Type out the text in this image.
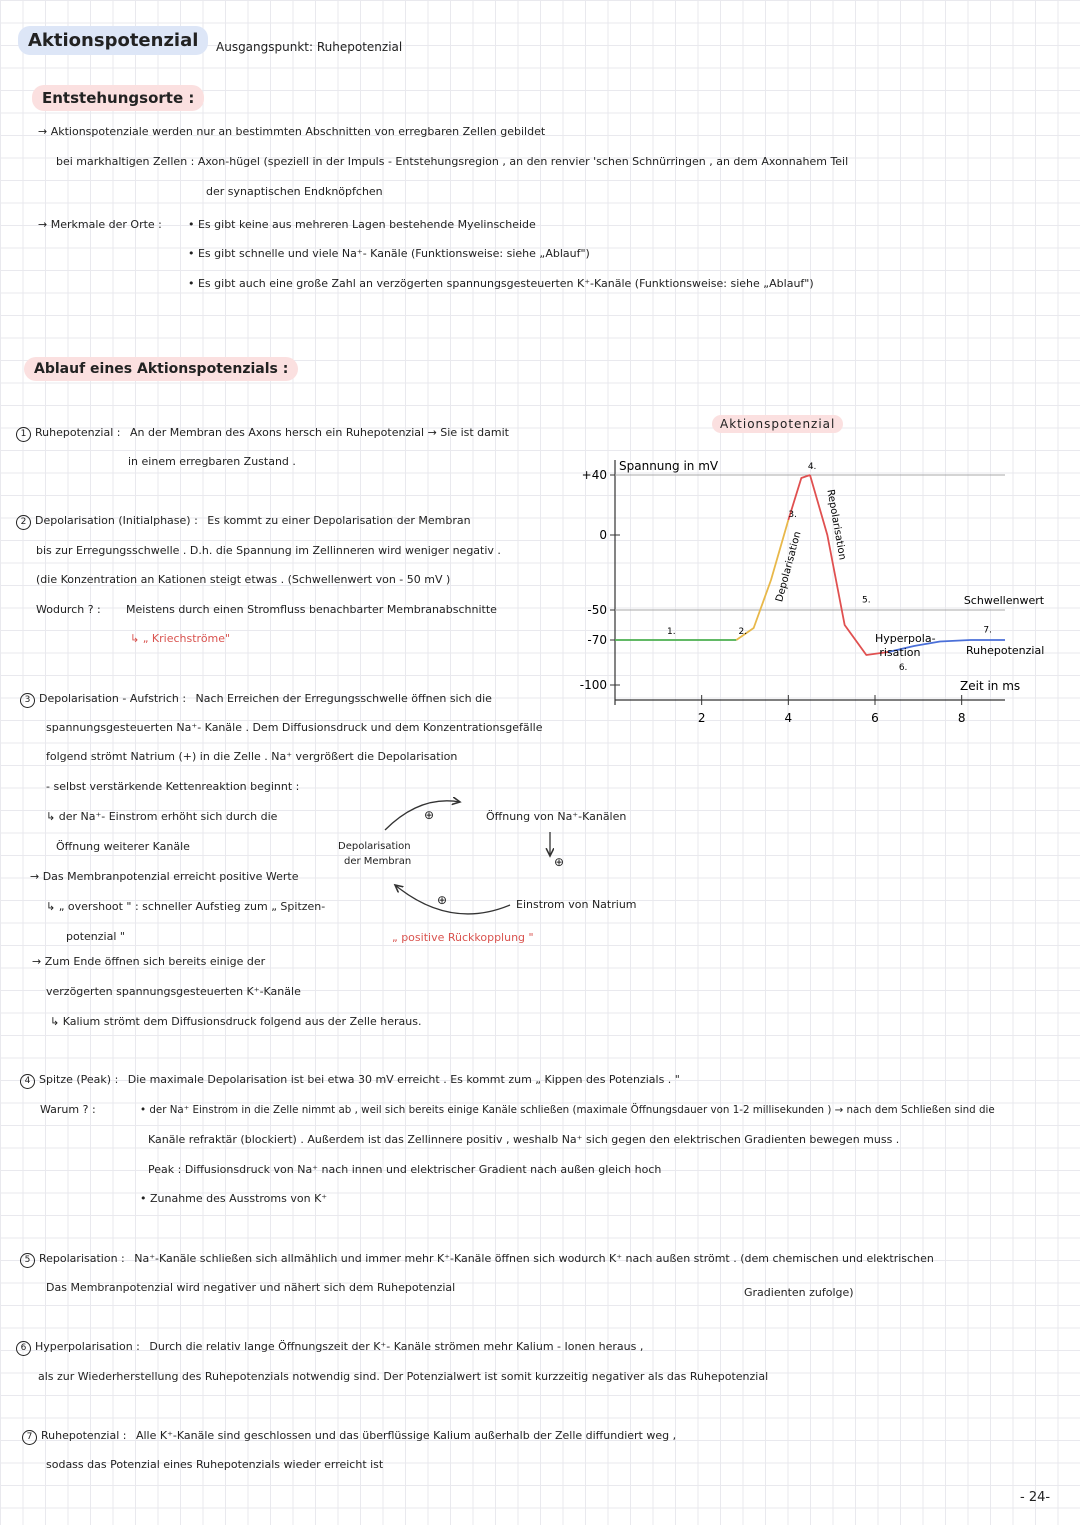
Aktionspotenzial	Ausgangspunkt: Ruhepotenzial
Entstehungsorte :
→ Aktionspotenziale werden nur an bestimmten Abschnitten von erregbaren Zellen gebildet
bei markhaltigen Zellen : Axon-hügel (speziell in der Impuls - Entstehungsregion , an den renvier 'schen Schnürringen , an dem Axonnahem Teil
der synaptischen Endknöpfchen
→ Merkmale der Orte : • Es gibt keine aus mehreren Lagen bestehende Myelinscheide
• Es gibt schnelle und viele Na⁺- Kanäle (Funktionsweise: siehe „Ablauf")
• Es gibt auch eine große Zahl an verzögerten spannungsgesteuerten K⁺-Kanäle (Funktionsweise: siehe „Ablauf")
Ablauf eines Aktionspotenzials :
1 Ruhepotenzial : An der Membran des Axons hersch ein Ruhepotenzial → Sie ist damit
in einem erregbaren Zustand .
2 Depolarisation (Initialphase) : Es kommt zu einer Depolarisation der Membran
bis zur Erregungsschwelle . D.h. die Spannung im Zellinneren wird weniger negativ .
(die Konzentration an Kationen steigt etwas . (Schwellenwert von - 50 mV )
Wodurch ? : Meistens durch einen Stromfluss benachbarter Membranabschnitte
↳ „ Kriechströme"
3 Depolarisation - Aufstrich : Nach Erreichen der Erregungsschwelle öffnen sich die
spannungsgesteuerten Na⁺- Kanäle . Dem Diffusionsdruck und dem Konzentrationsgefälle
folgend strömt Natrium (+) in die Zelle . Na⁺ vergrößert die Depolarisation
- selbst verstärkende Kettenreaktion beginnt :
↳ der Na⁺- Einstrom erhöht sich durch die
Öffnung weiterer Kanäle
→ Das Membranpotenzial erreicht positive Werte
↳ „ overshoot " : schneller Aufstieg zum „ Spitzen-
potenzial "
→ Zum Ende öffnen sich bereits einige der
verzögerten spannungsgesteuerten K⁺-Kanäle
↳ Kalium strömt dem Diffusionsdruck folgend aus der Zelle heraus.
⊕
⊕
⊕
Öffnung von Na⁺-Kanälen
Einstrom von Natrium
Depolarisation
der Membran
„ positive Rückkopplung "
Aktionspotenzial
Spannung in mV
Zeit in ms
+40
0
-50
-70
-100
2	4	6	8
1.	2.
3.
4.
5.
6.
7.
Depolarisation
Repolarisation
Hyperpola-
risation
Schwellenwert
Ruhepotenzial
4 Spitze (Peak) : Die maximale Depolarisation ist bei etwa 30 mV erreicht . Es kommt zum „ Kippen des Potenzials . "
Warum ? :	• der Na⁺ Einstrom in die Zelle nimmt ab , weil sich bereits einige Kanäle schließen (maximale Öffnungsdauer von 1-2 millisekunden ) → nach dem Schließen sind die
Kanäle refraktär (blockiert) . Außerdem ist das Zellinnere positiv , weshalb Na⁺ sich gegen den elektrischen Gradienten bewegen muss .
Peak : Diffusionsdruck von Na⁺ nach innen und elektrischer Gradient nach außen gleich hoch
• Zunahme des Ausstroms von K⁺
5 Repolarisation : Na⁺-Kanäle schließen sich allmählich und immer mehr K⁺-Kanäle öffnen sich wodurch K⁺ nach außen strömt . (dem chemischen und elektrischen
Das Membranpotenzial wird negativer und nähert sich dem Ruhepotenzial	Gradienten zufolge)
6 Hyperpolarisation : Durch die relativ lange Öffnungszeit der K⁺- Kanäle strömen mehr Kalium - Ionen heraus ,
als zur Wiederherstellung des Ruhepotenzials notwendig sind. Der Potenzialwert ist somit kurzzeitig negativer als das Ruhepotenzial
7 Ruhepotenzial : Alle K⁺-Kanäle sind geschlossen und das überflüssige Kalium außerhalb der Zelle diffundiert weg ,
sodass das Potenzial eines Ruhepotenzials wieder erreicht ist
- 24-
